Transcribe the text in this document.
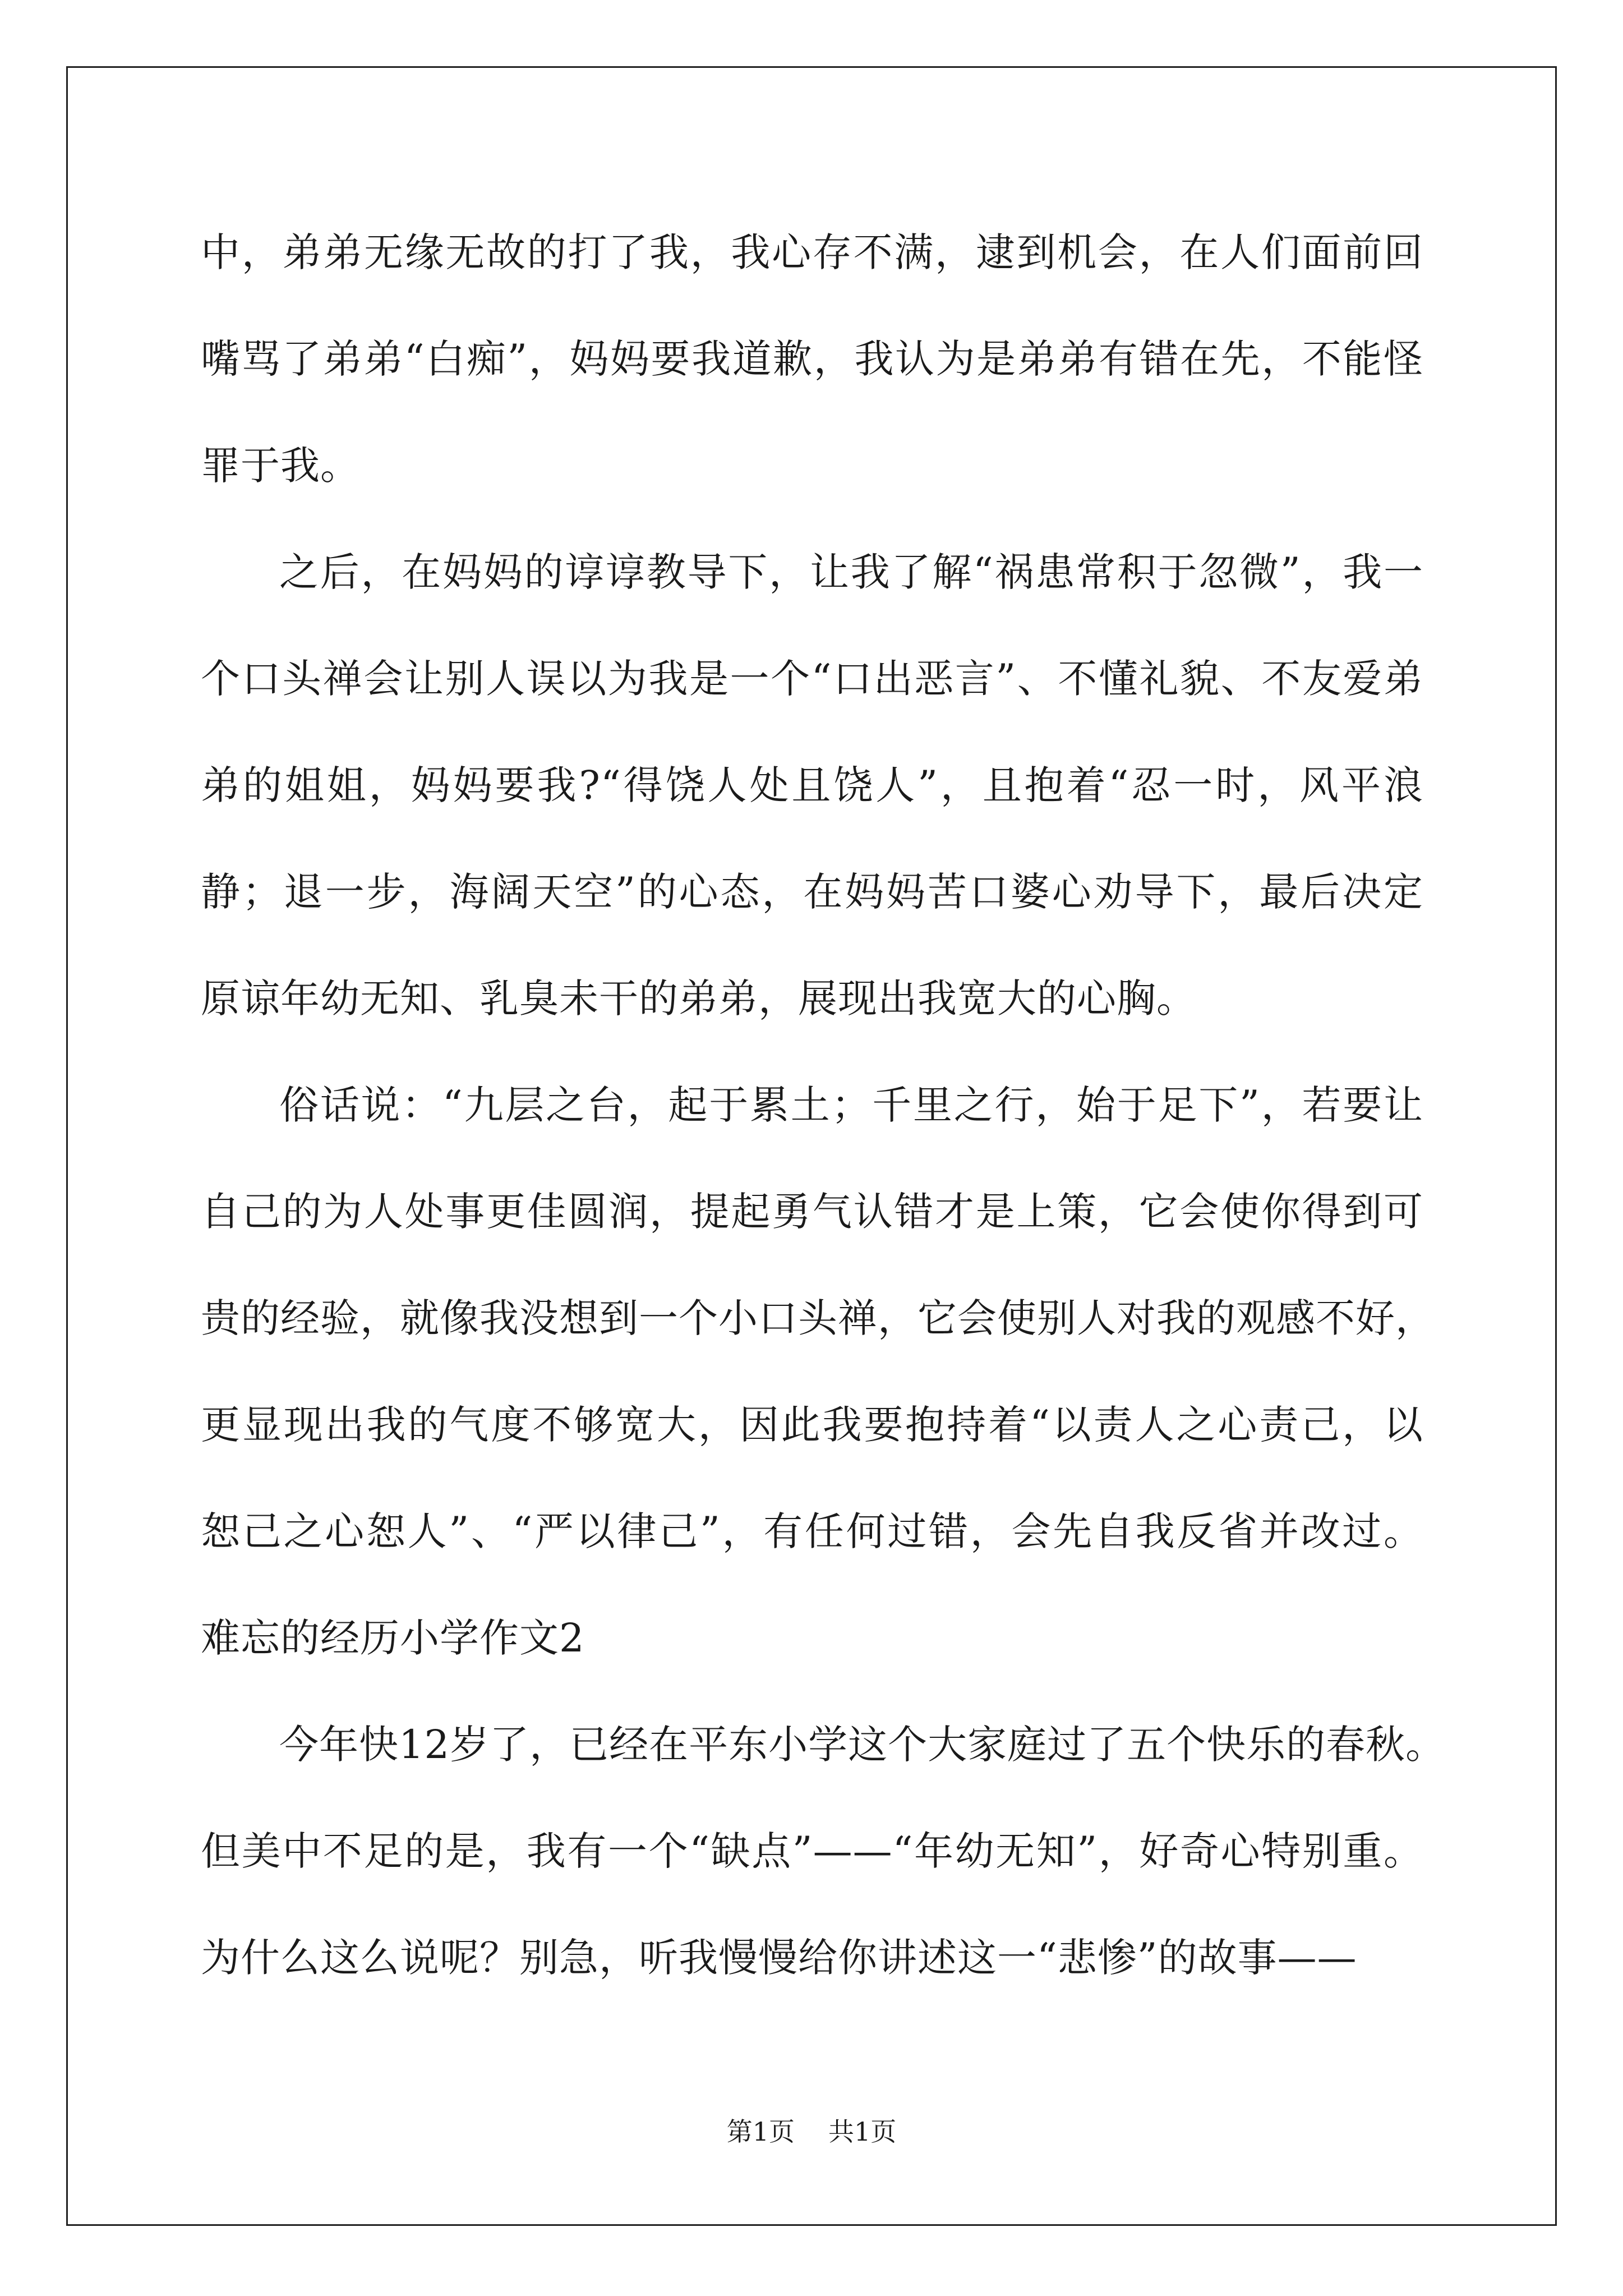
中，弟弟无缘无故的打了我，我心存不满，逮到机会，在人们面前回
嘴骂了弟弟“白痴”，妈妈要我道歉，我认为是弟弟有错在先，不能怪
罪于我。
之后，在妈妈的谆谆教导下，让我了解“祸患常积于忽微”，我一
个口头禅会让别人误以为我是一个“口出恶言”、不懂礼貌、不友爱弟
弟的姐姐，妈妈要我?“得饶人处且饶人”，且抱着“忍一时，风平浪
静；退一步，海阔天空”的心态，在妈妈苦口婆心劝导下，最后决定
原谅年幼无知、乳臭未干的弟弟，展现出我宽大的心胸。
俗话说：“九层之台，起于累土；千里之行，始于足下”，若要让
自己的为人处事更佳圆润，提起勇气认错才是上策，它会使你得到可
贵的经验，就像我没想到一个小口头禅，它会使别人对我的观感不好，
更显现出我的气度不够宽大，因此我要抱持着“以责人之心责己，以
恕己之心恕人”、“严以律己”，有任何过错，会先自我反省并改过。
难忘的经历小学作文2
今年快12岁了，已经在平东小学这个大家庭过了五个快乐的春秋。
但美中不足的是，我有一个“缺点”——“年幼无知”，好奇心特别重。
为什么这么说呢？别急，听我慢慢给你讲述这一“悲惨”的故事——
第1页 共1页
